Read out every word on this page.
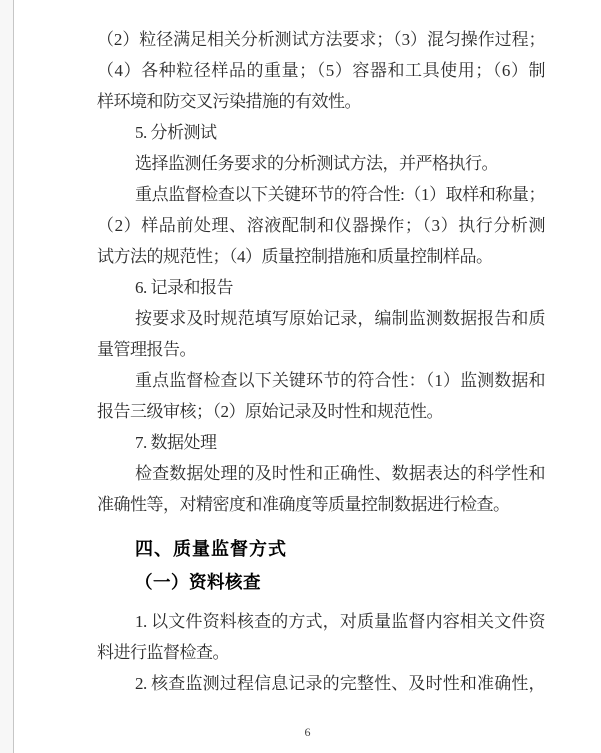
（2）粒径满足相关分析测试方法要求；（3）混匀操作过程；
（4）各种粒径样品的重量；（5）容器和工具使用；（6）制
样环境和防交叉污染措施的有效性。
5. 分析测试
选择监测任务要求的分析测试方法，并严格执行。
重点监督检查以下关键环节的符合性:（1）取样和称量；
（2）样品前处理、溶液配制和仪器操作；（3）执行分析测
试方法的规范性；（4）质量控制措施和质量控制样品。
6. 记录和报告
按要求及时规范填写原始记录，编制监测数据报告和质
量管理报告。
重点监督检查以下关键环节的符合性：（1）监测数据和
报告三级审核；（2）原始记录及时性和规范性。
7. 数据处理
检查数据处理的及时性和正确性、数据表达的科学性和
准确性等，对精密度和准确度等质量控制数据进行检查。
四、质量监督方式
（一）资料核查
1. 以文件资料核查的方式，对质量监督内容相关文件资
料进行监督检查。
2. 核查监测过程信息记录的完整性、及时性和准确性，
6
